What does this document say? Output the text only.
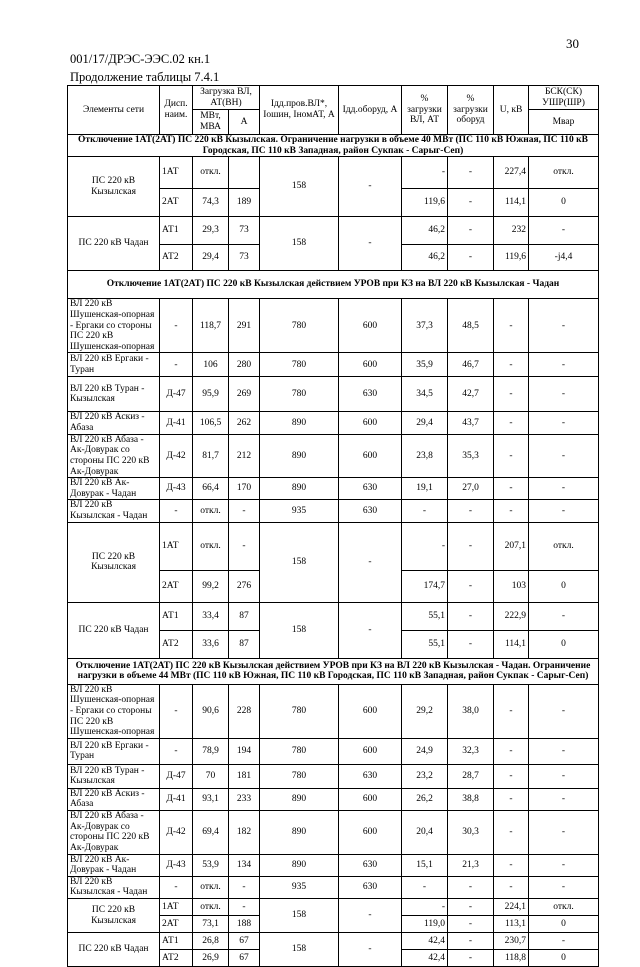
30
001/17/ДРЭС-ЭЭС.02 кн.1
Продолжение таблицы 7.4.1
Элементы сети	Дисп. наим.	Загрузка ВЛ, АТ(ВН)		Iдд.пров.ВЛ*, Iошин, IномАТ, А	Iдд.оборуд, А	% загрузки ВЛ, АТ	% загрузки оборуд	U, кВ	БСК(СК) УШР(ШР)
		МВт, МВА	А						Мвар
Отключение 1АТ(2АТ) ПС 220 кВ Кызылская. Ограничение нагрузки в объеме 40 МВт (ПС 110 кВ Южная, ПС 110 кВ Городская, ПС 110 кВ Западная, район Сукпак - Сарыг-Сеп)									
ПС 220 кВ Кызылская	1АТ	откл.		158	-	-	-	227,4	откл.
	2АТ	74,3	189			119,6	-	114,1	0
ПС 220 кВ Чадан	АТ1	29,3	73	158	-	46,2	-	232	-
	АТ2	29,4	73			46,2	-	119,6	-j4,4
Отключение 1АТ(2АТ) ПС 220 кВ Кызылская действием УРОВ при КЗ на ВЛ 220 кВ Кызылская - Чадан									
ВЛ 220 кВ Шушенская-опорная - Ергаки со стороны ПС 220 кВ Шушенская-опорная	-	118,7	291	780	600	37,3	48,5	-	-
ВЛ 220 кВ Ергаки - Туран	-	106	280	780	600	35,9	46,7	-	-
ВЛ 220 кВ Туран - Кызылская	Д-47	95,9	269	780	630	34,5	42,7	-	-
ВЛ 220 кВ Аскиз - Абаза	Д-41	106,5	262	890	600	29,4	43,7	-	-
ВЛ 220 кВ Абаза - Ак-Довурак со стороны ПС 220 кВ Ак-Довурак	Д-42	81,7	212	890	600	23,8	35,3	-	-
ВЛ 220 кВ Ак-Довурак - Чадан	Д-43	66,4	170	890	630	19,1	27,0	-	-
ВЛ 220 кВ Кызылская - Чадан	-	откл.	-	935	630	-	-	-	-
ПС 220 кВ Кызылская	1АТ	откл.	-	158	-	-	-	207,1	откл.
	2АТ	99,2	276			174,7	-	103	0
ПС 220 кВ Чадан	АТ1	33,4	87	158	-	55,1	-	222,9	-
	АТ2	33,6	87			55,1	-	114,1	0
Отключение 1АТ(2АТ) ПС 220 кВ Кызылская действием УРОВ при КЗ на ВЛ 220 кВ Кызылская - Чадан. Ограничение нагрузки в объеме 44 МВт (ПС 110 кВ Южная, ПС 110 кВ Городская, ПС 110 кВ Западная, район Сукпак - Сарыг-Сеп)									
ВЛ 220 кВ Шушенская-опорная - Ергаки со стороны ПС 220 кВ Шушенская-опорная	-	90,6	228	780	600	29,2	38,0	-	-
ВЛ 220 кВ Ергаки - Туран	-	78,9	194	780	600	24,9	32,3	-	-
ВЛ 220 кВ Туран - Кызылская	Д-47	70	181	780	630	23,2	28,7	-	-
ВЛ 220 кВ Аскиз - Абаза	Д-41	93,1	233	890	600	26,2	38,8	-	-
ВЛ 220 кВ Абаза - Ак-Довурак со стороны ПС 220 кВ Ак-Довурак	Д-42	69,4	182	890	600	20,4	30,3	-	-
ВЛ 220 кВ Ак-Довурак - Чадан	Д-43	53,9	134	890	630	15,1	21,3	-	-
ВЛ 220 кВ Кызылская - Чадан	-	откл.	-	935	630	-	-	-	-
ПС 220 кВ Кызылская	1АТ	откл.	-	158	-	-	-	224,1	откл.
	2АТ	73,1	188			119,0	-	113,1	0
ПС 220 кВ Чадан	АТ1	26,8	67	158	-	42,4	-	230,7	-
	АТ2	26,9	67			42,4	-	118,8	0
